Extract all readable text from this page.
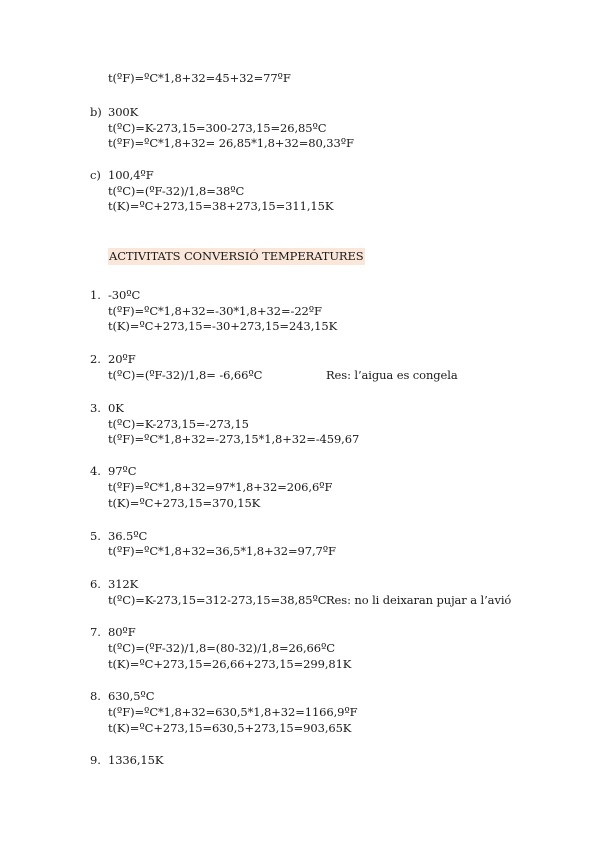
t(ºF)=ºC*1,8+32=45+32=77ºF
b) 300K
t(ºC)=K-273,15=300-273,15=26,85ºC
t(ºF)=ºC*1,8+32= 26,85*1,8+32=80,33ºF
c) 100,4ºF
t(ºC)=(ºF-32)/1,8=38ºC
t(K)=ºC+273,15=38+273,15=311,15K
ACTIVITATS CONVERSIÓ TEMPERATURES
1. -30ºC
t(ºF)=ºC*1,8+32=-30*1,8+32=-22ºF
t(K)=ºC+273,15=-30+273,15=243,15K
2. 20ºF
t(ºC)=(ºF-32)/1,8= -6,66ºC	Res: l’aigua es congela
3. 0K
t(ºC)=K-273,15=-273,15
t(ºF)=ºC*1,8+32=-273,15*1,8+32=-459,67
4. 97ºC
t(ºF)=ºC*1,8+32=97*1,8+32=206,6ºF
t(K)=ºC+273,15=370,15K
5. 36.5ºC
t(ºF)=ºC*1,8+32=36,5*1,8+32=97,7ºF
6. 312K
t(ºC)=K-273,15=312-273,15=38,85ºC Res: no li deixaran pujar a l’avió
7. 80ºF
t(ºC)=(ºF-32)/1,8=(80-32)/1,8=26,66ºC
t(K)=ºC+273,15=26,66+273,15=299,81K
8. 630,5ºC
t(ºF)=ºC*1,8+32=630,5*1,8+32=1166,9ºF
t(K)=ºC+273,15=630,5+273,15=903,65K
9. 1336,15K
